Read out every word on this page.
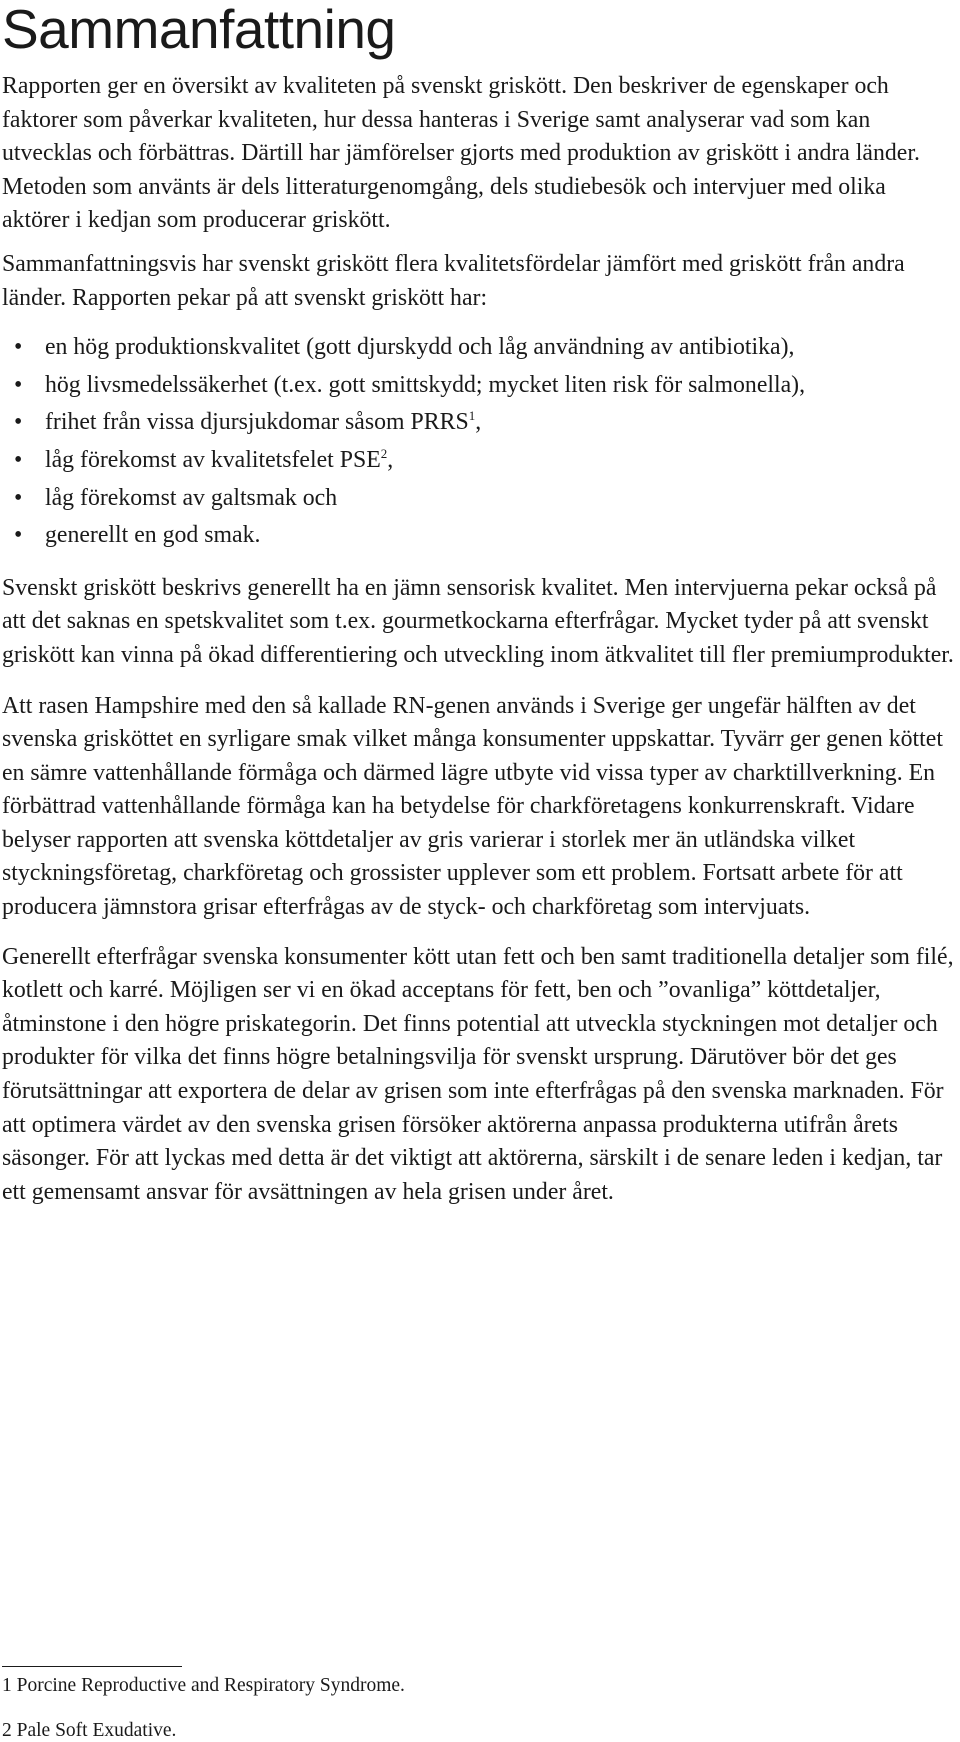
Sammanfattning

Rapporten ger en översikt av kvaliteten på svenskt griskött. Den beskriver de egenskaper och faktorer som påverkar kvaliteten, hur dessa hanteras i Sverige samt analyserar vad som kan utvecklas och förbättras. Därtill har jämförelser gjorts med produktion av griskött i andra länder. Metoden som använts är dels litteraturgenomgång, dels studiebesök och intervjuer med olika aktörer i kedjan som producerar griskött.

Sammanfattningsvis har svenskt griskött flera kvalitetsfördelar jämfört med griskött från andra länder. Rapporten pekar på att svenskt griskött har:

• en hög produktionskvalitet (gott djurskydd och låg användning av antibiotika),
• hög livsmedelssäkerhet (t.ex. gott smittskydd; mycket liten risk för salmonella),
• frihet från vissa djursjukdomar såsom PRRS$^1$,
• låg förekomst av kvalitetsfelet PSE$^2$,
• låg förekomst av galtsmak och
• generellt en god smak.

Svenskt griskött beskrivs generellt ha en jämn sensorisk kvalitet. Men intervjuerna pekar också på att det saknas en spetskvalitet som t.ex. gourmetkockarna efterfrågar. Mycket tyder på att svenskt griskött kan vinna på ökad differentiering och utveckling inom ätkvalitet till fler premiumprodukter.

Att rasen Hampshire med den så kallade RN-genen används i Sverige ger ungefär hälften av det svenska grisköttet en syrligare smak vilket många konsumenter uppskattar. Tyvärr ger genen köttet en sämre vattenhållande förmåga och därmed lägre utbyte vid vissa typer av charktillverkning. En förbättrad vattenhållande förmåga kan ha betydelse för charkföretagens konkurrenskraft. Vidare belyser rapporten att svenska köttdetaljer av gris varierar i storlek mer än utländska vilket styckningsföretag, charkföretag och grossister upplever som ett problem. Fortsatt arbete för att producera jämnstora grisar efterfrågas av de styck- och charkföretag som intervjuats.

Generellt efterfrågar svenska konsumenter kött utan fett och ben samt traditionella detaljer som filé, kotlett och karré. Möjligen ser vi en ökad acceptans för fett, ben och ”ovanliga” köttdetaljer, åtminstone i den högre priskategorin. Det finns potential att utveckla styckningen mot detaljer och produkter för vilka det finns högre betalningsvilja för svenskt ursprung. Därutöver bör det ges förutsättningar att exportera de delar av grisen som inte efterfrågas på den svenska marknaden. För att optimera värdet av den svenska grisen försöker aktörerna anpassa produkterna utifrån årets säsonger. För att lyckas med detta är det viktigt att aktörerna, särskilt i de senare leden i kedjan, tar ett gemensamt ansvar för avsättningen av hela grisen under året.

1 Porcine Reproductive and Respiratory Syndrome.

2 Pale Soft Exudative.
